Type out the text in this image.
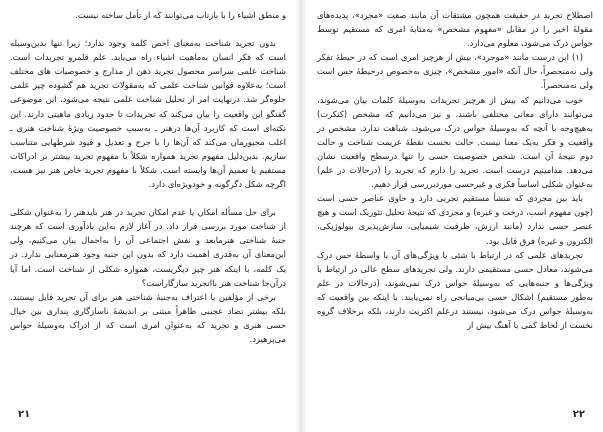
و منطق اشیاء را با بازتاب می‌توانند که از تأمل ساخته نیست.

بدون تجرید شناخت به‌معنای اخص کلمه وجود ندارد؛ زیرا تنها بدین‌وسیله است که فکر انسان به‌ماهیت اشیاء راه می‌یابد. علم قلمرو تجریدات است. شناخت علمی سراسر محصول تجرید ذهن از مدارج و خصوصیات های مختلف است؛ به‌علاوه قوانین شناخت علمی که به‌مقولات تجرید هم گشوده چیز علمی جلوه‌گر شد. درنهایت امر از تحلیل شناخت علمی نتیجه می‌شود. این موضوعی گفتگو این واقعیت را بیان می‌کند که تجریدات تا حدود زیادی ماهیتی دارند. این نکته‌ای است که کاربرد آن‌ها درهنر ـ به‌سبب خصوصیت ویژهٔ شناخت هنری ـ اغلب مجبورمان می‌کند که آن‌ها را با جرح و تعدیل و قیود شرطهایی متناسب سازیم. بدین‌دلیل مفهوم تجرید همواره شکلاً با مفهوم تجرید بیشتر بر ادراکات مستقیم یا تعمیم آن‌ها وابسته است. شکلاً با مفهوم تجرید خاص هنر نیز هست، اگرچه شکل دگرگونه و خودویژه‌ای دارد.

برای حل مسأله امکان یا عدم امکان تجرید در هنر بایدهنر را به‌عنوان شکلی از شناخت مورد بررسی قرار داد. در آغاز لازم به‌این یادآوری است که هرچند جنبهٔ شناختی هنرمابعد و نقش اجتماعی آن را به‌اجمال بیان می‌کنیم، ولی این‌معنای آن به‌قدری اهمیت دارد که بدون این جنبه وجود هنرمعنایی ندارد. در یک کلمه، با اینکه هنر چیز دیگریست، همواره شکلی از شناخت است. اما آیا درآن‌جا شناخت هنر بااتجرید سازگاراست؟

برخی از مؤلفین با اعتراف به‌جنبهٔ شناختی هنر برای آن تجرید قایل نیستند. بلکه بیشتر تضاد عجیبی ظاهراً مبتنی بر اندیشهٔ ناسازگاری پنداری بین خیال حسی هنری و تجرید که به‌عنوان امری است که از ادراک به‌وسیلهٔ حواس می‌پرهیزد.

۲۱

اصطلاح تجرید در حقیقت همچون مشتقات آن مانند صفت «مجرد»، پدیده‌های مقولهٔ اخیر را در مقابل «مفهوم مشخص» به‌مثابهٔ امری که مستقیم توسط حواس درک می‌شود، معلوم می‌دارد.

(۱) این درست مانند «موجرد»، بیش از هرچیز امری است که در حیطهٔ تفکر ولی نه‌منحصراً، حال آنکه «امور مشخص»، چیزی به‌خصوص درحیطهٔ حس است ولی نه‌منحصراً.

خوب می‌دانیم که بیش از هرچیز تجریدات به‌وسیلهٔ کلمات بیان می‌شوند، می‌توانند دارای معانی مختلفی باشند. و نیز می‌دانیم که مشخص (کنکرت) به‌هیچ‌وجه با آنچه که به‌وسیلهٔ حواس درک می‌شود، شباهت ندارد. مشخص در واقعیت و فکر به‌یک معنا نیست. حالت نخست نقطهٔ عزیمت شناخت و حالت دوم نتیجهٔ آن است. شخص خصوصیت حسی را تنها درسطح واقعیت نشان می‌دهد. مدامینیم درست است. تجرید را دارم که تجرید را (درحالات در علم) به‌عنوان شکلی اساساً فکری و غیرحسی موردبررسی قرار دهیم.

باید بین مجردی که منشأ مستقیم تجربی دارد و حاوی عناصر حسی است (چون مفهوم اسب، درخت و غیره) و مجردی که نتیجهٔ تحلیل تئوریک است و هیچ عنصر حسی ندارد (مانند ارزش، ظرفیت شیمیایی، سازش‌پذیری بیولوژیکی، الکترون و غیره) فرق قایل بود.

تجریدهای علمی که در ارتباط با شئی یا ویژگی‌های آن با واسطهٔ حس درک می‌شوند، معادل حسی مستقیمی دارند. ولی تجریدهای سطح عالی در ارتباط با ویژگی‌ها و جنبه‌هایی که به‌وسیلهٔ حواس درک نمی‌شوند، (درحالات در علم به‌طور مستقیم) اشکال حسی بی‌میانجی راه نمی‌یابند. با اینکه بین واقعیت که به‌وسیلهٔ حواس درک می‌شود، نیستند درعلم اکثریت دارند، بلکه برخلاف گروه نخست از لحاظ کمی با آهنگ بیش از

۲۲
